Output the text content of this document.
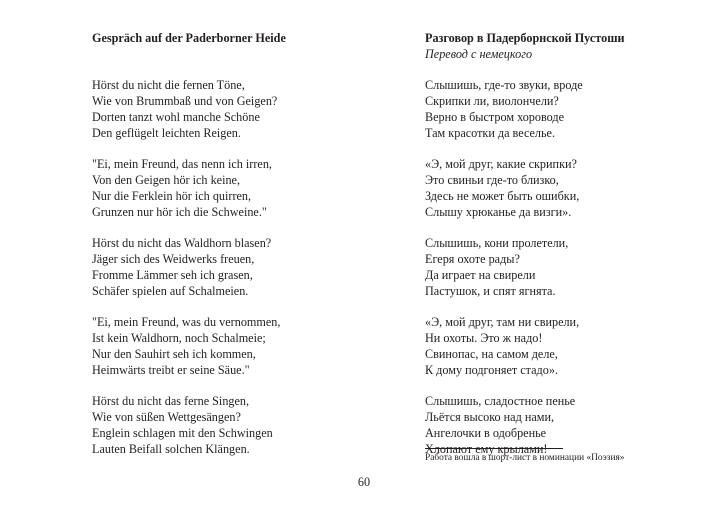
Gespräch auf der Paderborner Heide

Hörst du nicht die fernen Töne,
Wie von Brummbaß und von Geigen?
Dorten tanzt wohl manche Schöne
Den geflügelt leichten Reigen.
"Ei, mein Freund, das nenn ich irren,
Von den Geigen hör ich keine,
Nur die Ferklein hör ich quirren,
Grunzen nur hör ich die Schweine."
Hörst du nicht das Waldhorn blasen?
Jäger sich des Weidwerks freuen,
Fromme Lämmer seh ich grasen,
Schäfer spielen auf Schalmeien.
"Ei, mein Freund, was du vernommen,
Ist kein Waldhorn, noch Schalmeie;
Nur den Sauhirt seh ich kommen,
Heimwärts treibt er seine Säue."
Hörst du nicht das ferne Singen,
Wie von süßen Wettgesängen?
Englein schlagen mit den Schwingen
Lauten Beifall solchen Klängen.

Разговор в Падерборнской Пустоши

Перевод с немецкого

Слышишь, где-то звуки, вроде
Скрипки ли, виолончели?
Верно в быстром хороводе
Там красотки да веселье.
«Э, мой друг, какие скрипки?
Это свиньи где-то близко,
Здесь не может быть ошибки,
Слышу хрюканье да визги».
Слышишь, кони пролетели,
Егеря охоте рады?
Да играет на свирели
Пастушок, и спят ягнята.
«Э, мой друг, там ни свирели,
Ни охоты. Это ж надо!
Свинопас, на самом деле,
К дому подгоняет стадо».
Слышишь, сладостное пенье
Льётся высоко над нами,
Ангелочки в одобренье
Хлопают ему крылами!
Работа вошла в шорт-лист в номинации «Поэзия»
60
